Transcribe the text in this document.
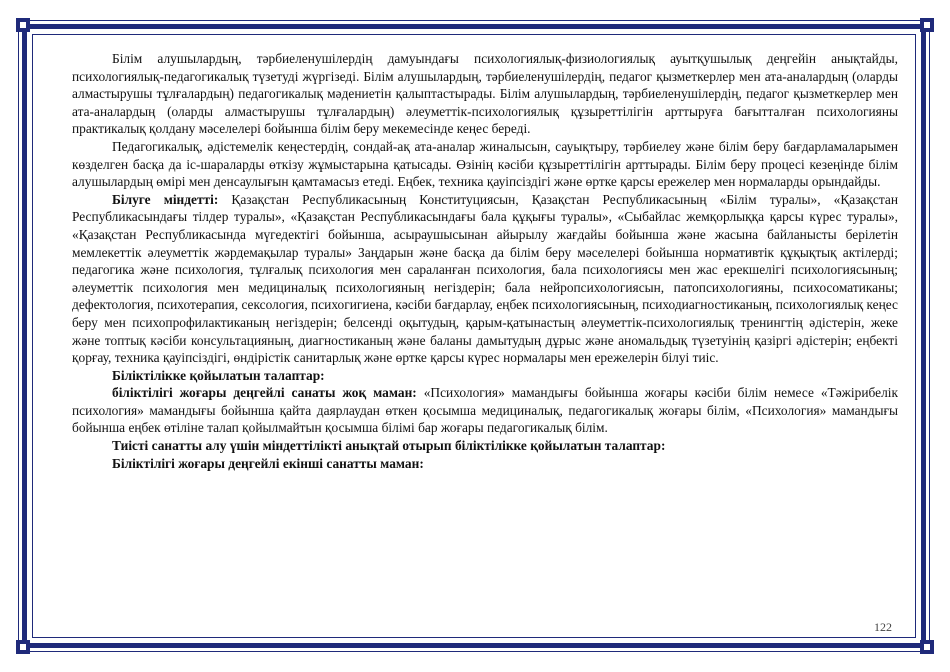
Білім алушылардың, тәрбиеленушілердің дамуындағы психологиялық-физиологиялық ауытқушылық деңгейін анықтайды, психологиялық-педагогикалық түзетуді жүргізеді. Білім алушылардың, тәрбиеленушілердің, педагог қызметкерлер мен ата-аналардың (оларды алмастырушы тұлғалардың) педагогикалық мәдениетін қалыптастырады. Білім алушылардың, тәрбиеленушілердің, педагог қызметкерлер мен ата-аналардың (оларды алмастырушы тұлғалардың) әлеуметтік-психологиялық құзыреттілігін арттыруға бағытталған психологияны практикалық қолдану мәселелері бойынша білім беру мекемесінде кеңес береді.

Педагогикалық, әдістемелік кеңестердің, сондай-ақ ата-аналар жиналысын, сауықтыру, тәрбиелеу және білім беру бағдарламаларымен көзделген басқа да іс-шараларды өткізу жұмыстарына қатысады. Өзінің кәсіби құзыреттілігін арттырады. Білім беру процесі кезеңінде білім алушылардың өмірі мен денсаулығын қамтамасыз етеді. Еңбек, техника қауіпсіздігі және өртке қарсы ережелер мен нормаларды орындайды.

Білуге міндетті: Қазақстан Республикасының Конституциясын, Қазақстан Республикасының «Білім туралы», «Қазақстан Республикасындағы тілдер туралы», «Қазақстан Республикасындағы бала құқығы туралы», «Сыбайлас жемқорлыққа қарсы күрес туралы», «Қазақстан Республикасында мүгедектігі бойынша, асыраушысынан айырылу жағдайы бойынша және жасына байланысты берілетін мемлекеттік әлеуметтік жәрдемақылар туралы» Заңдарын және басқа да білім беру мәселелері бойынша нормативтік құқықтық актілерді; педагогика және психология, тұлғалық психология мен сараланған психология, бала психологиясы мен жас ерекшелігі психологиясының; әлеуметтік психология мен медициналық психологияның негіздерін; бала нейропсихологиясын, патопсихологияны, психосоматиканы; дефектология, психотерапия, сексология, психогигиена, кәсіби бағдарлау, еңбек психологиясының, психодиагностиканың, психологиялық кеңес беру мен психопрофилактиканың негіздерін; белсенді оқытудың, қарым-қатынастың әлеуметтік-психологиялық тренингтің әдістерін, жеке және топтық кәсіби консультацияның, диагностиканың және баланы дамытудың дұрыс және аномальдық түзетуінің қазіргі әдістерін; еңбекті қорғау, техника қауіпсіздігі, өндірістік санитарлық және өртке қарсы күрес нормалары мен ережелерін білуі тиіс.

Біліктілікке қойылатын талаптар:

біліктілігі жоғары деңгейлі санаты жоқ маман: «Психология» мамандығы бойынша жоғары кәсіби білім немесе «Тәжірибелік психология» мамандығы бойынша қайта даярлаудан өткен қосымша медициналық, педагогикалық жоғары білім, «Психология» мамандығы бойынша еңбек өтіліне талап қойылмайтын қосымша білімі бар жоғары педагогикалық білім.

Тиісті санатты алу үшін міндеттілікті анықтай отырып біліктілікке қойылатын талаптар:

Біліктілігі жоғары деңгейлі екінші санатты маман:

122
